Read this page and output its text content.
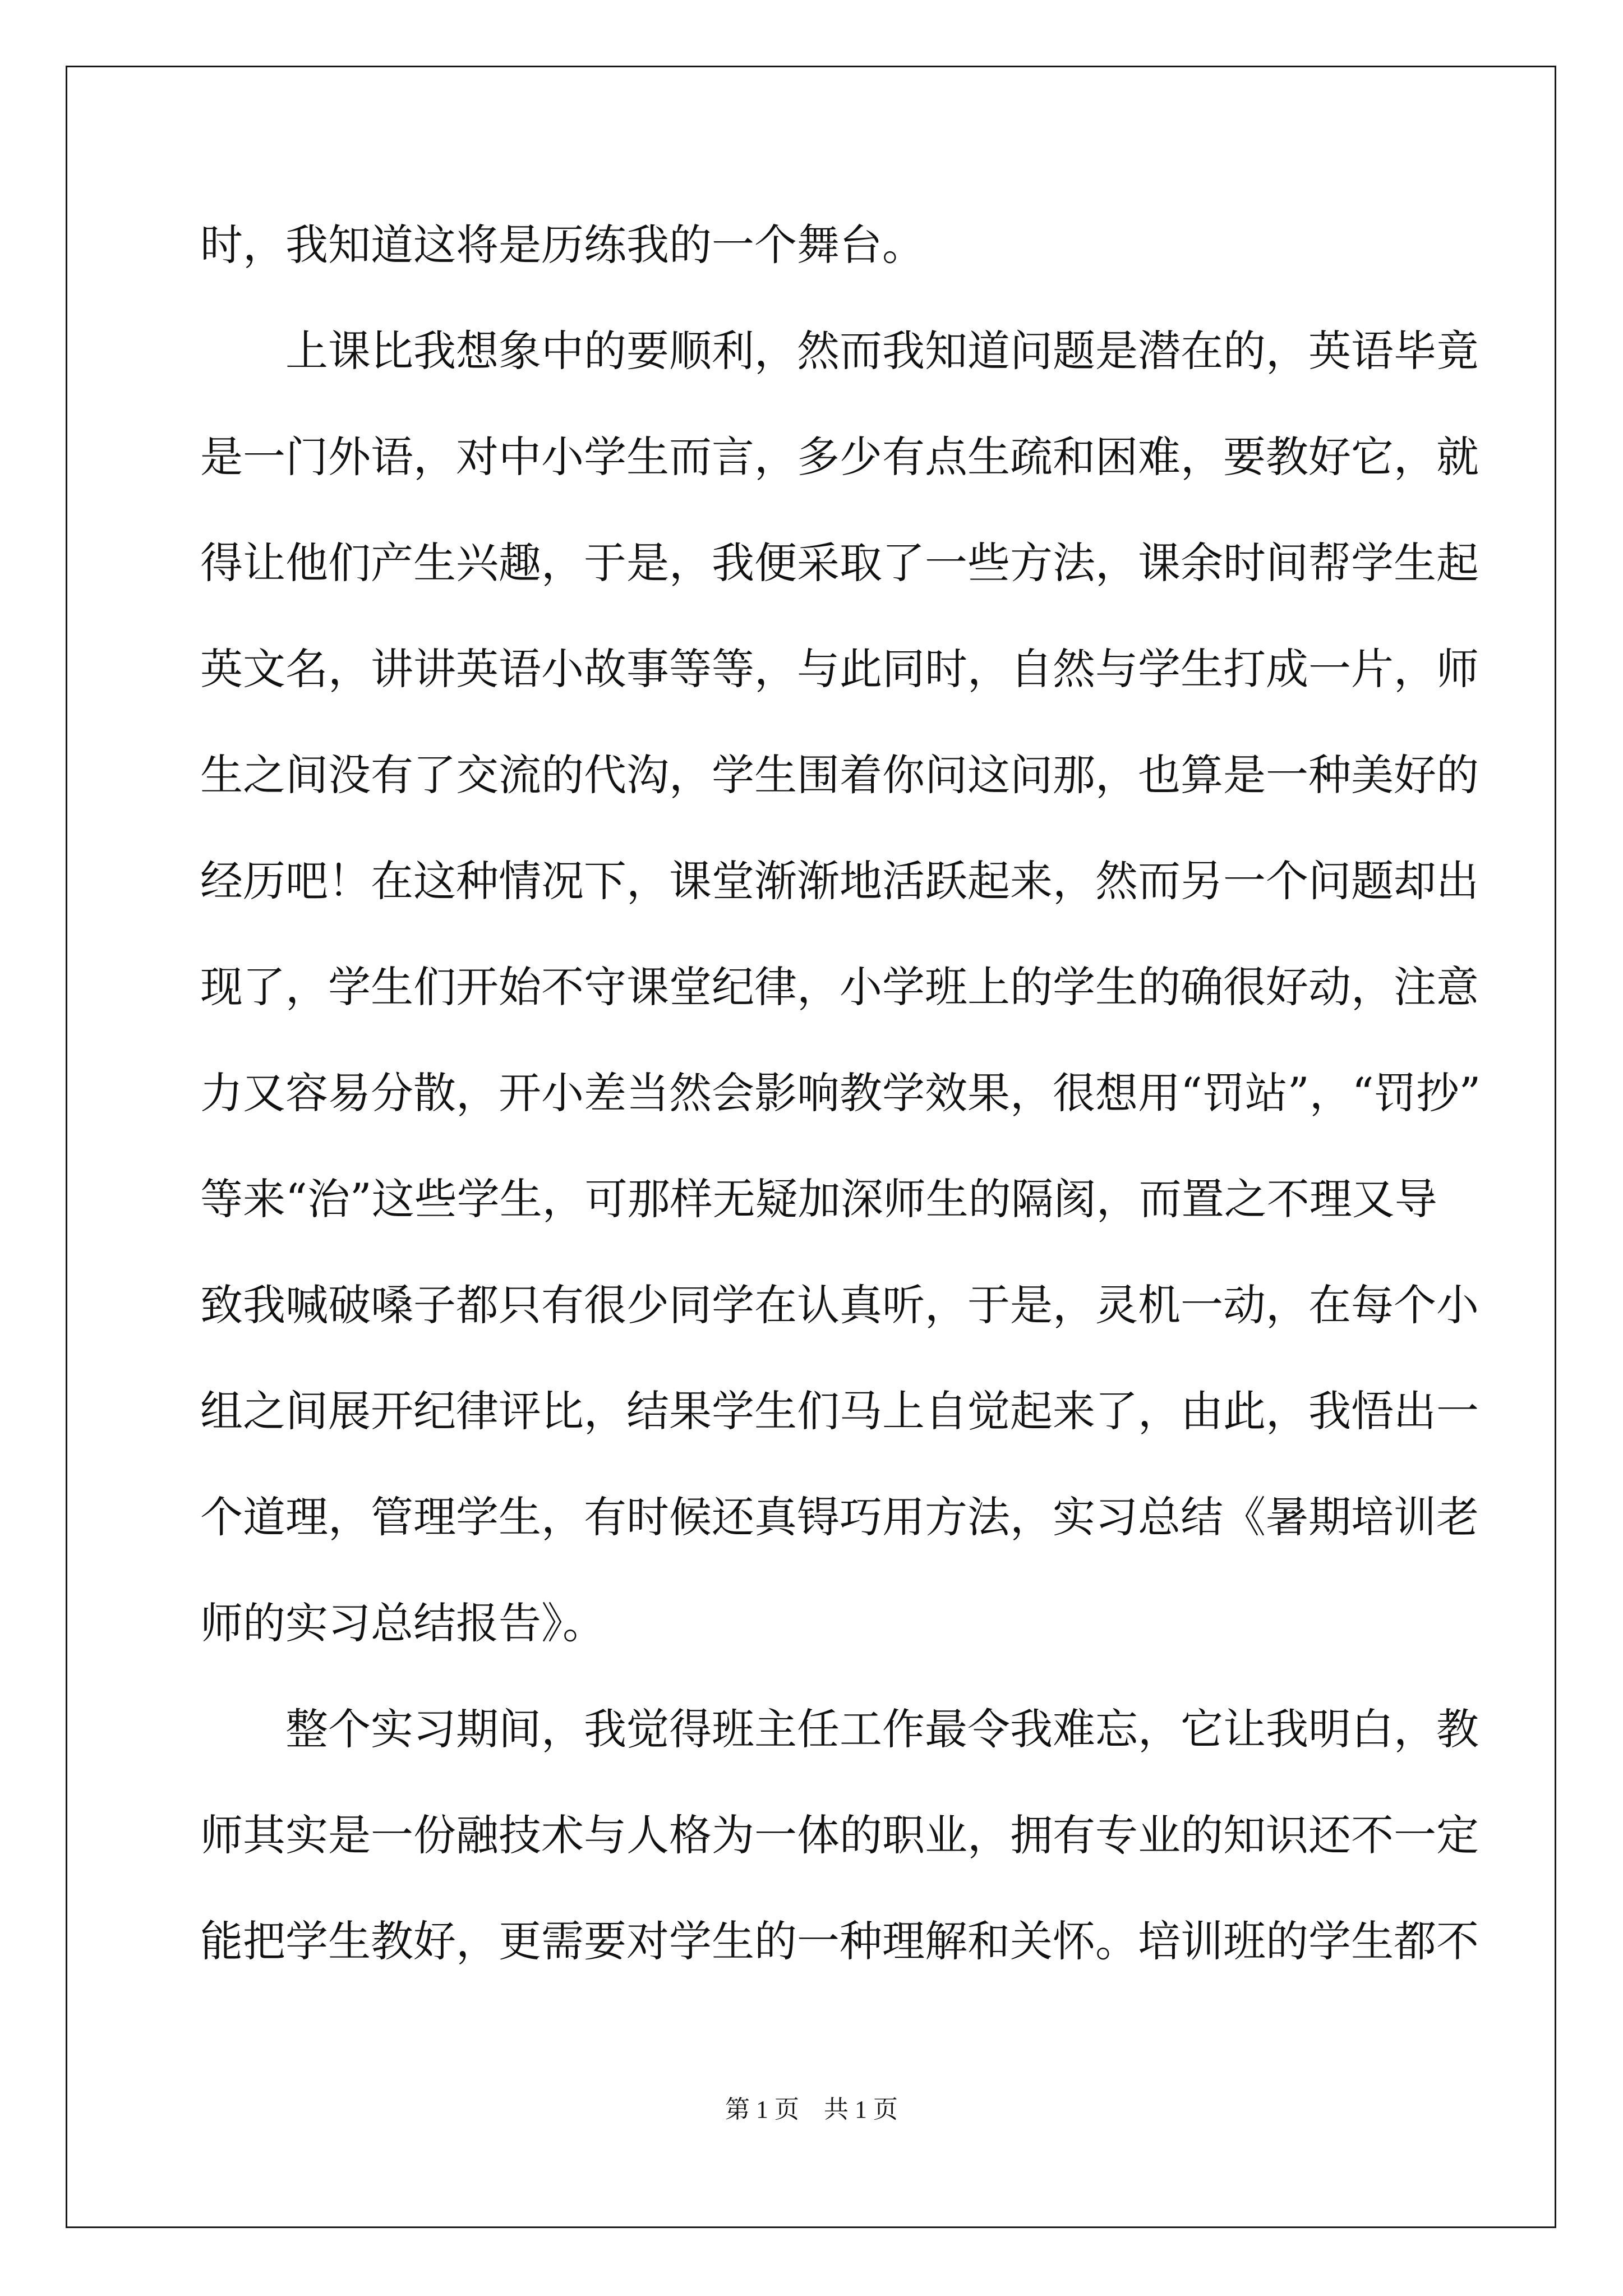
时，我知道这将是历练我的一个舞台。
上课比我想象中的要顺利，然而我知道问题是潜在的，英语毕竟
是一门外语，对中小学生而言，多少有点生疏和困难，要教好它，就
得让他们产生兴趣，于是，我便采取了一些方法，课余时间帮学生起
英文名，讲讲英语小故事等等，与此同时，自然与学生打成一片，师
生之间没有了交流的代沟，学生围着你问这问那，也算是一种美好的
经历吧！在这种情况下，课堂渐渐地活跃起来，然而另一个问题却出
现了，学生们开始不守课堂纪律，小学班上的学生的确很好动，注意
力又容易分散，开小差当然会影响教学效果，很想用“罚站”，“罚抄”
等来“治”这些学生，可那样无疑加深师生的隔阂，而置之不理又导
致我喊破嗓子都只有很少同学在认真听，于是，灵机一动，在每个小
组之间展开纪律评比，结果学生们马上自觉起来了，由此，我悟出一
个道理，管理学生，有时候还真锝巧用方法，实习总结《暑期培训老
师的实习总结报告》。
整个实习期间，我觉得班主任工作最令我难忘，它让我明白，教
师其实是一份融技术与人格为一体的职业，拥有专业的知识还不一定
能把学生教好，更需要对学生的一种理解和关怀。培训班的学生都不
第 1 页    共 1 页
